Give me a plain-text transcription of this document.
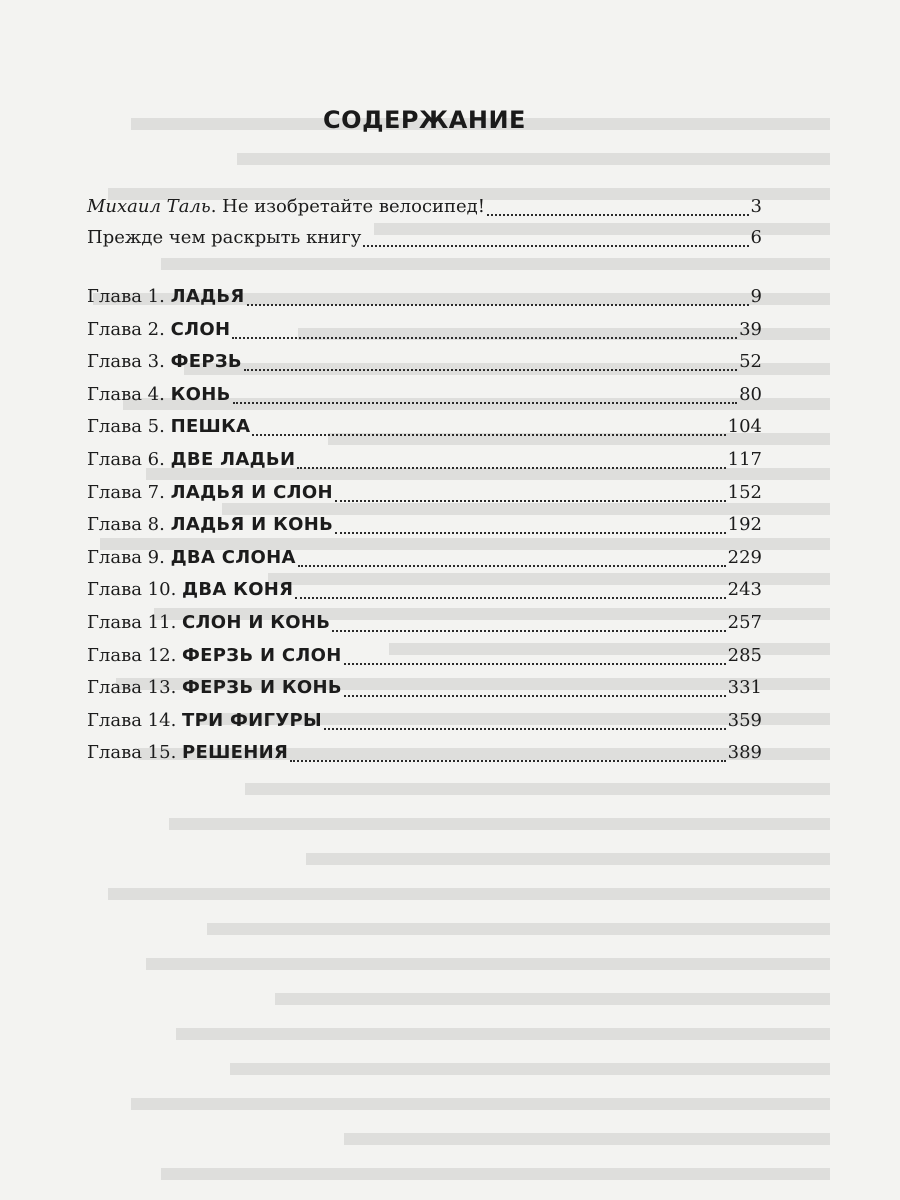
СОДЕРЖАНИЕ
Михаил Таль. Не изобретайте велосипед!	3
Прежде чем раскрыть книгу	6
Глава 1. ЛАДЬЯ	9
Глава 2. СЛОН	39
Глава 3. ФЕРЗЬ	52
Глава 4. КОНЬ	80
Глава 5. ПЕШКА	104
Глава 6. ДВЕ ЛАДЬИ	117
Глава 7. ЛАДЬЯ И СЛОН	152
Глава 8. ЛАДЬЯ И КОНЬ	192
Глава 9. ДВА СЛОНА	229
Глава 10. ДВА КОНЯ	243
Глава 11. СЛОН И КОНЬ	257
Глава 12. ФЕРЗЬ И СЛОН	285
Глава 13. ФЕРЗЬ И КОНЬ	331
Глава 14. ТРИ ФИГУРЫ	359
Глава 15. РЕШЕНИЯ	389
